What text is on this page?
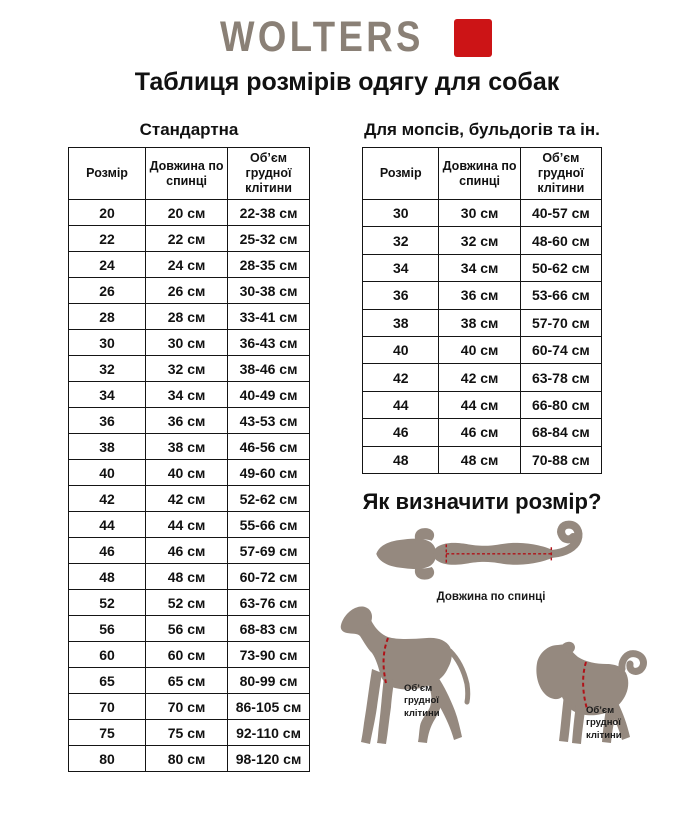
WOLTERS
Таблиця розмірів одягу для собак
Стандартна
Розмір	Довжина по спинці	Об’єм грудної клітини
20	20 см	22-38 см
22	22 см	25-32 см
24	24 см	28-35 см
26	26 см	30-38 см
28	28 см	33-41 см
30	30 см	36-43 см
32	32 см	38-46 см
34	34 см	40-49 см
36	36 см	43-53 см
38	38 см	46-56 см
40	40 см	49-60 см
42	42 см	52-62 см
44	44 см	55-66 см
46	46 см	57-69 см
48	48 см	60-72 см
52	52 см	63-76 см
56	56 см	68-83 см
60	60 см	73-90 см
65	65 см	80-99 см
70	70 см	86-105 см
75	75 см	92-110 см
80	80 см	98-120 см
Для мопсів, бульдогів та ін.
Розмір	Довжина по спинці	Об’єм грудної клітини
30	30 см	40-57 см
32	32 см	48-60 см
34	34 см	50-62 см
36	36 см	53-66 см
38	38 см	57-70 см
40	40 см	60-74 см
42	42 см	63-78 см
44	44 см	66-80 см
46	46 см	68-84 см
48	48 см	70-88 см
Як визначити розмір?
Довжина по спинці
Об’єм
грудної
клітини	Об’єм
грудної
клітини
